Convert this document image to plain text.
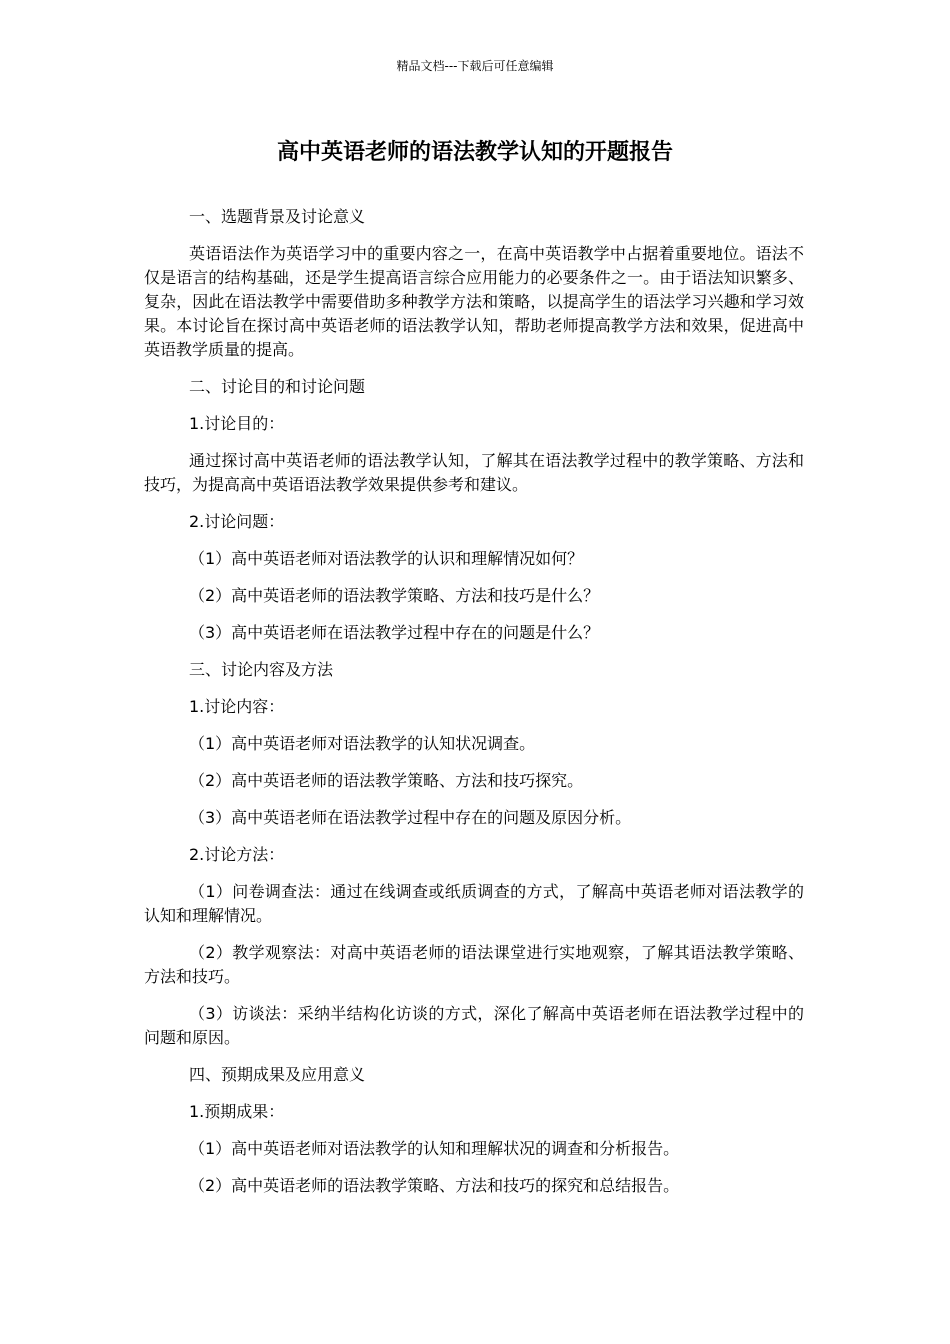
精品文档---下载后可任意编辑
高中英语老师的语法教学认知的开题报告
一、选题背景及讨论意义
英语语法作为英语学习中的重要内容之一，在高中英语教学中占据着重要地位。语法不仅是语言的结构基础，还是学生提高语言综合应用能力的必要条件之一。由于语法知识繁多、复杂，因此在语法教学中需要借助多种教学方法和策略，以提高学生的语法学习兴趣和学习效果。本讨论旨在探讨高中英语老师的语法教学认知，帮助老师提高教学方法和效果，促进高中英语教学质量的提高。
二、讨论目的和讨论问题
1.讨论目的：
通过探讨高中英语老师的语法教学认知，了解其在语法教学过程中的教学策略、方法和技巧，为提高高中英语语法教学效果提供参考和建议。
2.讨论问题：
（1）高中英语老师对语法教学的认识和理解情况如何？
（2）高中英语老师的语法教学策略、方法和技巧是什么？
（3）高中英语老师在语法教学过程中存在的问题是什么？
三、讨论内容及方法
1.讨论内容：
（1）高中英语老师对语法教学的认知状况调查。
（2）高中英语老师的语法教学策略、方法和技巧探究。
（3）高中英语老师在语法教学过程中存在的问题及原因分析。
2.讨论方法：
（1）问卷调查法：通过在线调查或纸质调查的方式，了解高中英语老师对语法教学的认知和理解情况。
（2）教学观察法：对高中英语老师的语法课堂进行实地观察，了解其语法教学策略、方法和技巧。
（3）访谈法：采纳半结构化访谈的方式，深化了解高中英语老师在语法教学过程中的问题和原因。
四、预期成果及应用意义
1.预期成果：
（1）高中英语老师对语法教学的认知和理解状况的调查和分析报告。
（2）高中英语老师的语法教学策略、方法和技巧的探究和总结报告。
